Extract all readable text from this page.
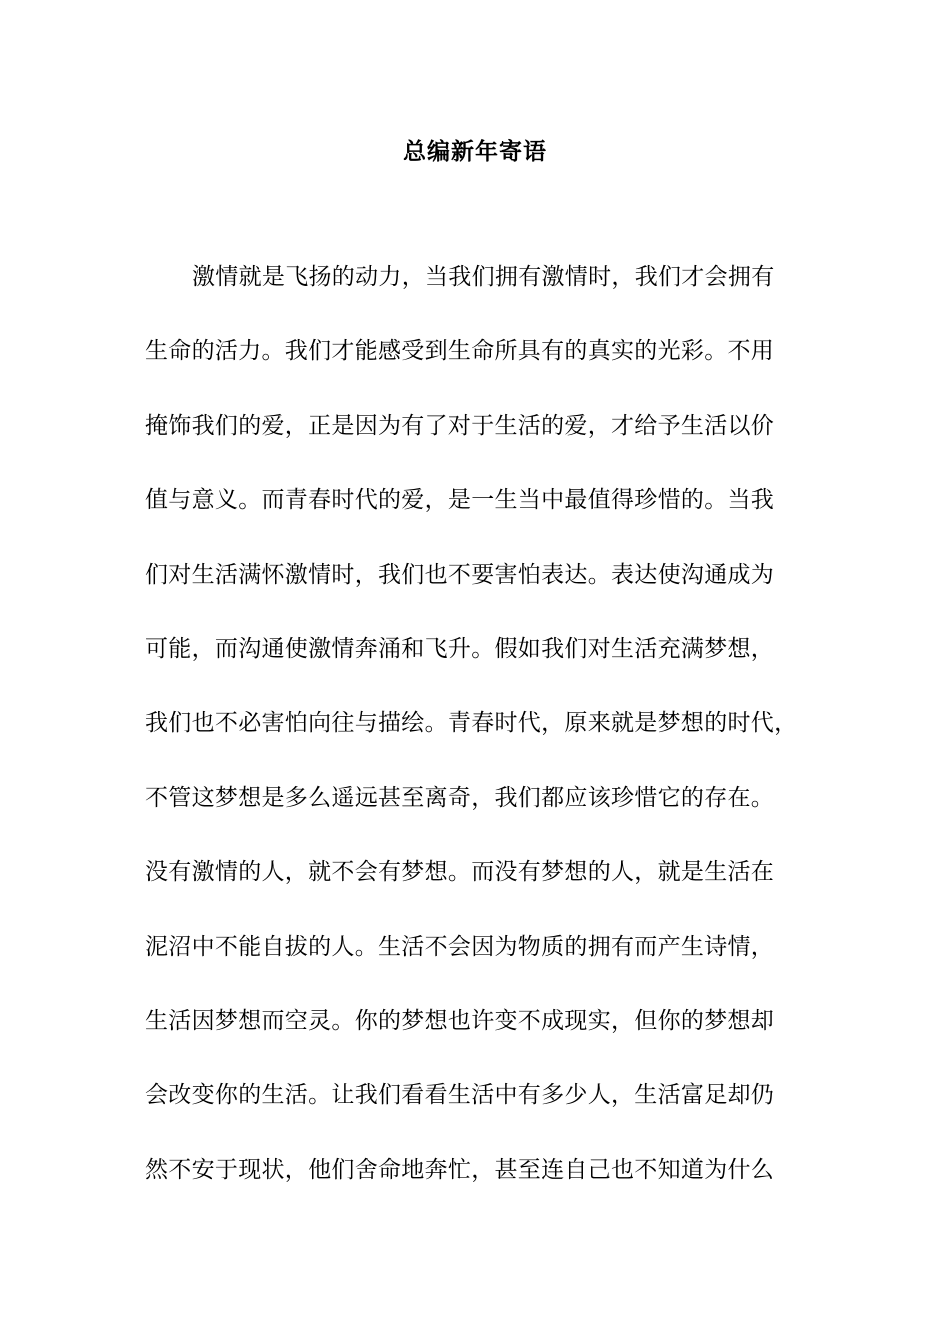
总编新年寄语
激情就是飞扬的动力，当我们拥有激情时，我们才会拥有
生命的活力。我们才能感受到生命所具有的真实的光彩。不用
掩饰我们的爱，正是因为有了对于生活的爱，才给予生活以价
值与意义。而青春时代的爱，是一生当中最值得珍惜的。当我
们对生活满怀激情时，我们也不要害怕表达。表达使沟通成为
可能，而沟通使激情奔涌和飞升。假如我们对生活充满梦想，
我们也不必害怕向往与描绘。青春时代，原来就是梦想的时代，
不管这梦想是多么遥远甚至离奇，我们都应该珍惜它的存在。
没有激情的人，就不会有梦想。而没有梦想的人，就是生活在
泥沼中不能自拔的人。生活不会因为物质的拥有而产生诗情，
生活因梦想而空灵。你的梦想也许变不成现实，但你的梦想却
会改变你的生活。让我们看看生活中有多少人，生活富足却仍
然不安于现状，他们舍命地奔忙，甚至连自己也不知道为什么
